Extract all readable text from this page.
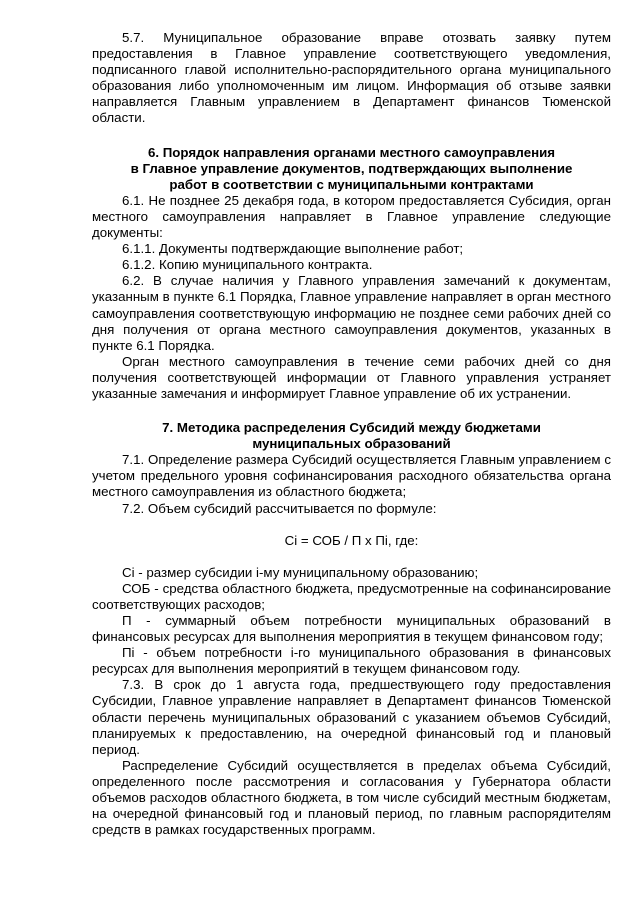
5.7. Муниципальное образование вправе отозвать заявку путем предоставления в Главное управление соответствующего уведомления, подписанного главой исполнительно-распорядительного органа муниципального образования либо уполномоченным им лицом. Информация об отзыве заявки направляется Главным управлением в Департамент финансов Тюменской области.

6. Порядок направления органами местного самоуправления
в Главное управление документов, подтверждающих выполнение
работ в соответствии с муниципальными контрактами

6.1. Не позднее 25 декабря года, в котором предоставляется Субсидия, орган местного самоуправления направляет в Главное управление следующие документы:

6.1.1. Документы подтверждающие выполнение работ;

6.1.2. Копию муниципального контракта.

6.2. В случае наличия у Главного управления замечаний к документам, указанным в пункте 6.1 Порядка, Главное управление направляет в орган местного самоуправления соответствующую информацию не позднее семи рабочих дней со дня получения от органа местного самоуправления документов, указанных в пункте 6.1 Порядка.

Орган местного самоуправления в течение семи рабочих дней со дня получения соответствующей информации от Главного управления устраняет указанные замечания и информирует Главное управление об их устранении.

7. Методика распределения Субсидий между бюджетами
муниципальных образований

7.1. Определение размера Субсидий осуществляется Главным управлением с учетом предельного уровня софинансирования расходного обязательства органа местного самоуправления из областного бюджета;

7.2. Объем субсидий рассчитывается по формуле:

Ci = СОБ / П x Пi, где:

Ci - размер субсидии i-му муниципальному образованию;

СОБ - средства областного бюджета, предусмотренные на софинансирование соответствующих расходов;

П - суммарный объем потребности муниципальных образований в финансовых ресурсах для выполнения мероприятия в текущем финансовом году;

Пi - объем потребности i-го муниципального образования в финансовых ресурсах для выполнения мероприятий в текущем финансовом году.

7.3. В срок до 1 августа года, предшествующего году предоставления Субсидии, Главное управление направляет в Департамент финансов Тюменской области перечень муниципальных образований с указанием объемов Субсидий, планируемых к предоставлению, на очередной финансовый год и плановый период.

Распределение Субсидий осуществляется в пределах объема Субсидий, определенного после рассмотрения и согласования у Губернатора области объемов расходов областного бюджета, в том числе субсидий местным бюджетам, на очередной финансовый год и плановый период, по главным распорядителям средств в рамках государственных программ.
